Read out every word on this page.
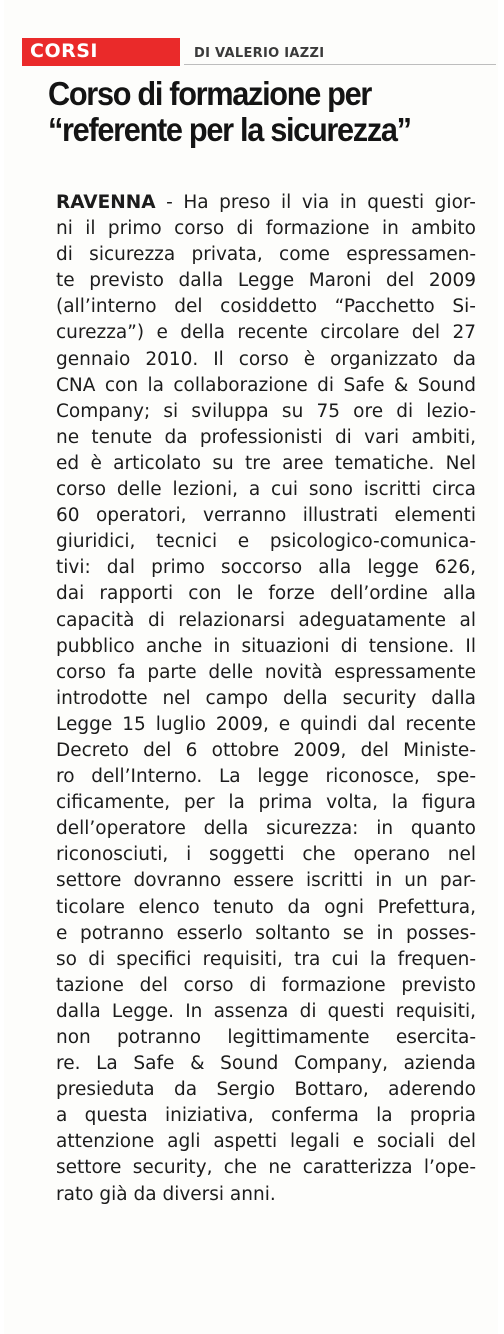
CORSI	DI VALERIO IAZZI
Corso di formazione per
“referente per la sicurezza”
RAVENNA - Ha preso il via in questi gior-
ni il primo corso di formazione in ambito
di sicurezza privata, come espressamen-
te previsto dalla Legge Maroni del 2009
(all’interno del cosiddetto “Pacchetto Si-
curezza”) e della recente circolare del 27
gennaio 2010. Il corso è organizzato da
CNA con la collaborazione di Safe & Sound
Company; si sviluppa su 75 ore di lezio-
ne tenute da professionisti di vari ambiti,
ed è articolato su tre aree tematiche. Nel
corso delle lezioni, a cui sono iscritti circa
60 operatori, verranno illustrati elementi
giuridici, tecnici e psicologico-comunica-
tivi: dal primo soccorso alla legge 626,
dai rapporti con le forze dell’ordine alla
capacità di relazionarsi adeguatamente al
pubblico anche in situazioni di tensione. Il
corso fa parte delle novità espressamente
introdotte nel campo della security dalla
Legge 15 luglio 2009, e quindi dal recente
Decreto del 6 ottobre 2009, del Ministe-
ro dell’Interno. La legge riconosce, spe-
cificamente, per la prima volta, la figura
dell’operatore della sicurezza: in quanto
riconosciuti, i soggetti che operano nel
settore dovranno essere iscritti in un par-
ticolare elenco tenuto da ogni Prefettura,
e potranno esserlo soltanto se in posses-
so di specifici requisiti, tra cui la frequen-
tazione del corso di formazione previsto
dalla Legge. In assenza di questi requisiti,
non potranno legittimamente esercita-
re. La Safe & Sound Company, azienda
presieduta da Sergio Bottaro, aderendo
a questa iniziativa, conferma la propria
attenzione agli aspetti legali e sociali del
settore security, che ne caratterizza l’ope-
rato già da diversi anni.
